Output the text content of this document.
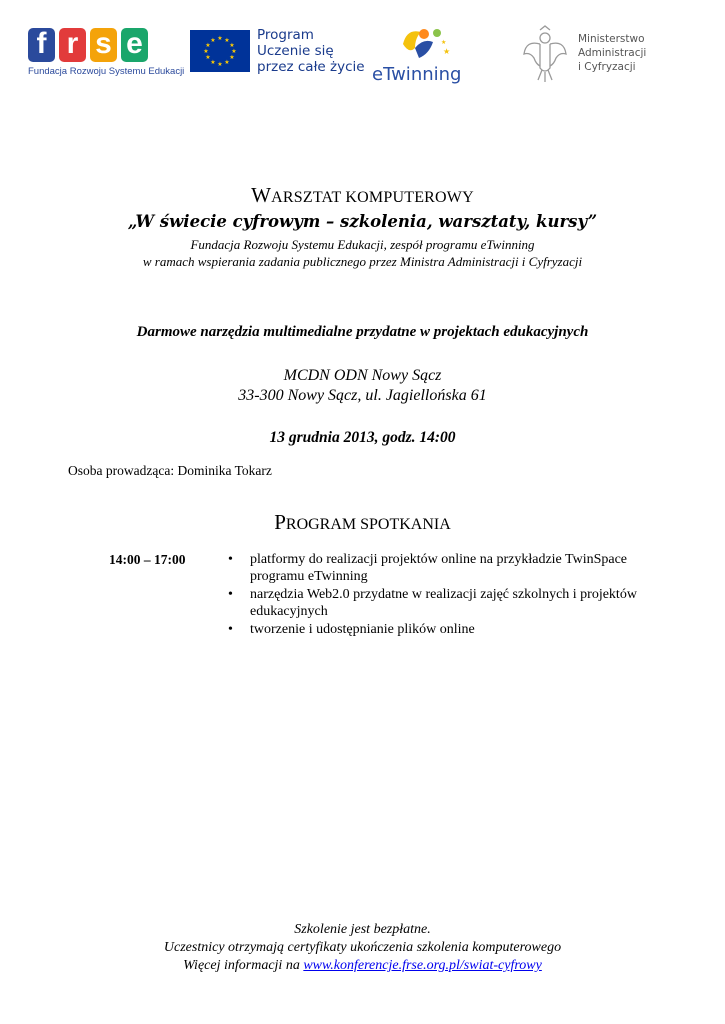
f r s e
Fundacja Rozwoju Systemu Edukacji
★ ★
★
★
★
★
★
★
★
★
★
★	Program
Uczenie się
przez całe życie
★
★
eTwinning
Ministerstwo
Administracji
i Cyfryzacji
WARSZTAT KOMPUTEROWY
„W świecie cyfrowym – szkolenia, warsztaty, kursy”
Fundacja Rozwoju Systemu Edukacji, zespół programu eTwinning
w ramach wspierania zadania publicznego przez Ministra Administracji i Cyfryzacji
Darmowe narzędzia multimedialne przydatne w projektach edukacyjnych
MCDN ODN Nowy Sącz
33-300 Nowy Sącz, ul. Jagiellońska 61
13 grudnia 2013, godz. 14:00
Osoba prowadząca: Dominika Tokarz
PROGRAM SPOTKANIA
14:00 – 17:00	• platformy do realizacji projektów online na przykładzie TwinSpace programu eTwinning
• narzędzia Web2.0 przydatne w realizacji zajęć szkolnych i projektów edukacyjnych
• tworzenie i udostępnianie plików online
Szkolenie jest bezpłatne.
Uczestnicy otrzymają certyfikaty ukończenia szkolenia komputerowego
Więcej informacji na www.konferencje.frse.org.pl/swiat-cyfrowy
